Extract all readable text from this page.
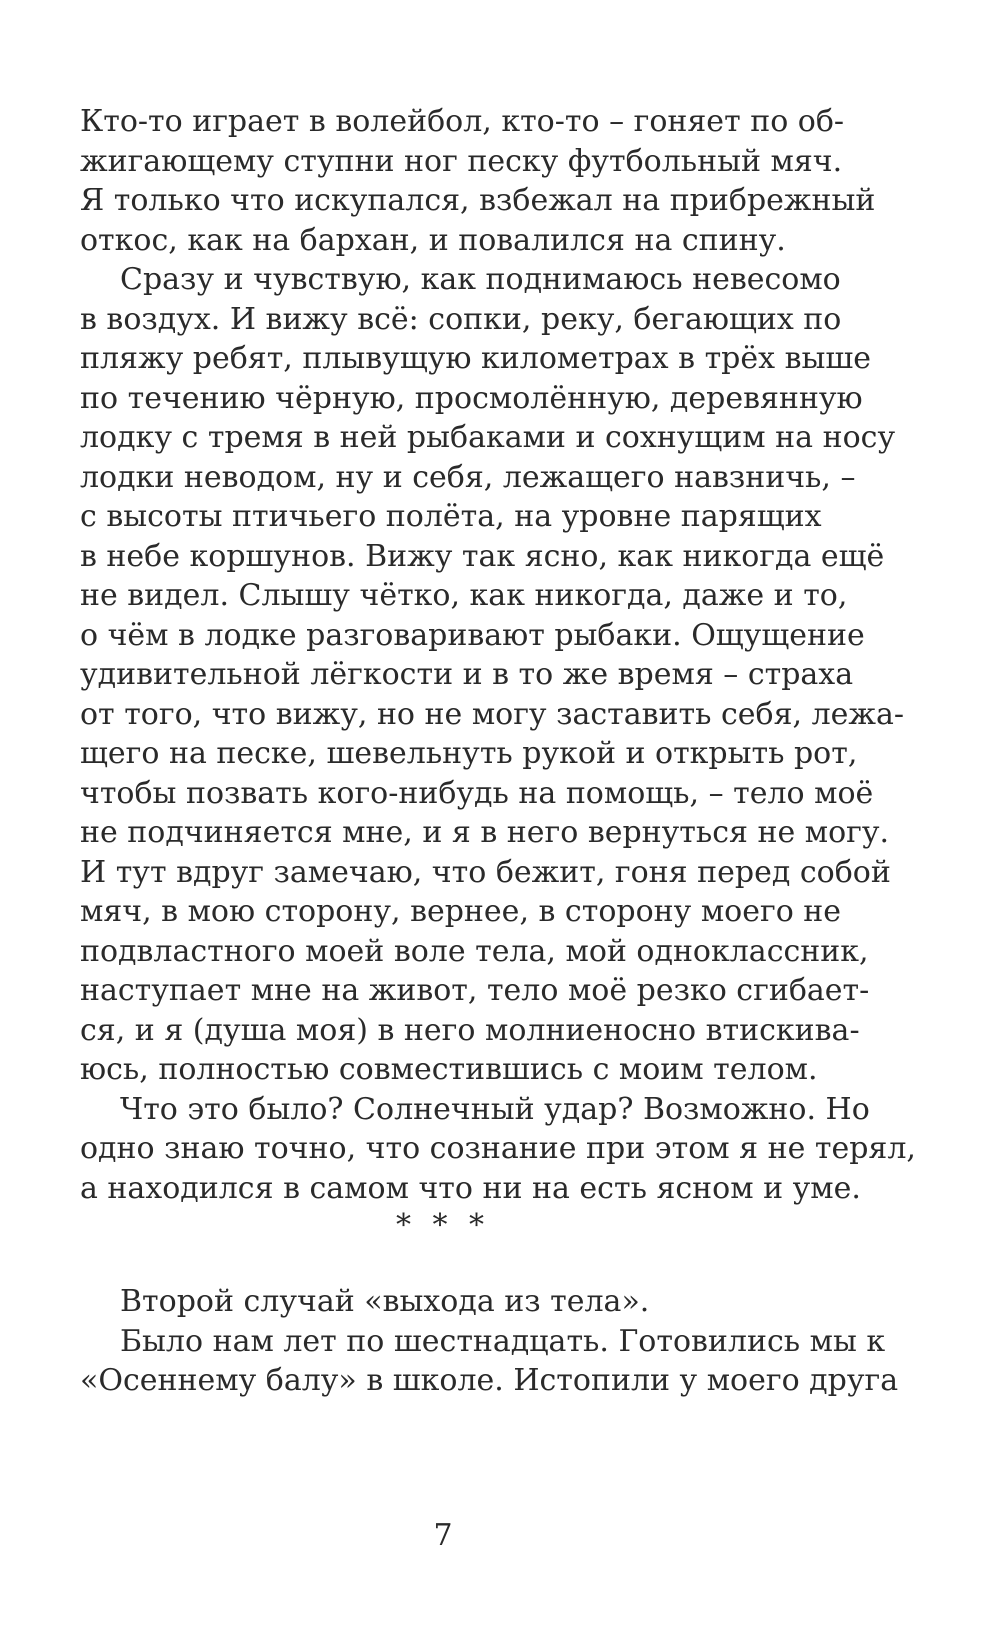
Кто-то играет в волейбол, кто-то – гоняет по об-
жигающему ступни ног песку футбольный мяч.
Я только что искупался, взбежал на прибрежный
откос, как на бархан, и повалился на спину.
Сразу и чувствую, как поднимаюсь невесомо
в воздух. И вижу всё: сопки, реку, бегающих по
пляжу ребят, плывущую километрах в трёх выше
по течению чёрную, просмолённую, деревянную
лодку с тремя в ней рыбаками и сохнущим на носу
лодки неводом, ну и себя, лежащего навзничь, –
с высоты птичьего полёта, на уровне парящих
в небе коршунов. Вижу так ясно, как никогда ещё
не видел. Слышу чётко, как никогда, даже и то,
о чём в лодке разговаривают рыбаки. Ощущение
удивительной лёгкости и в то же время – страха
от того, что вижу, но не могу заставить себя, лежа-
щего на песке, шевельнуть рукой и открыть рот,
чтобы позвать кого-нибудь на помощь, – тело моё
не подчиняется мне, и я в него вернуться не могу.
И тут вдруг замечаю, что бежит, гоня перед собой
мяч, в мою сторону, вернее, в сторону моего не
подвластного моей воле тела, мой одноклассник,
наступает мне на живот, тело моё резко сгибает-
ся, и я (душа моя) в него молниеносно втискива-
юсь, полностью совместившись с моим телом.
Что это было? Солнечный удар? Возможно. Но
одно знаю точно, что сознание при этом я не терял,
а находился в самом что ни на есть ясном и уме.
* * *
Второй случай «выхода из тела».
Было нам лет по шестнадцать. Готовились мы к
«Осеннему балу» в школе. Истопили у моего друга
7
